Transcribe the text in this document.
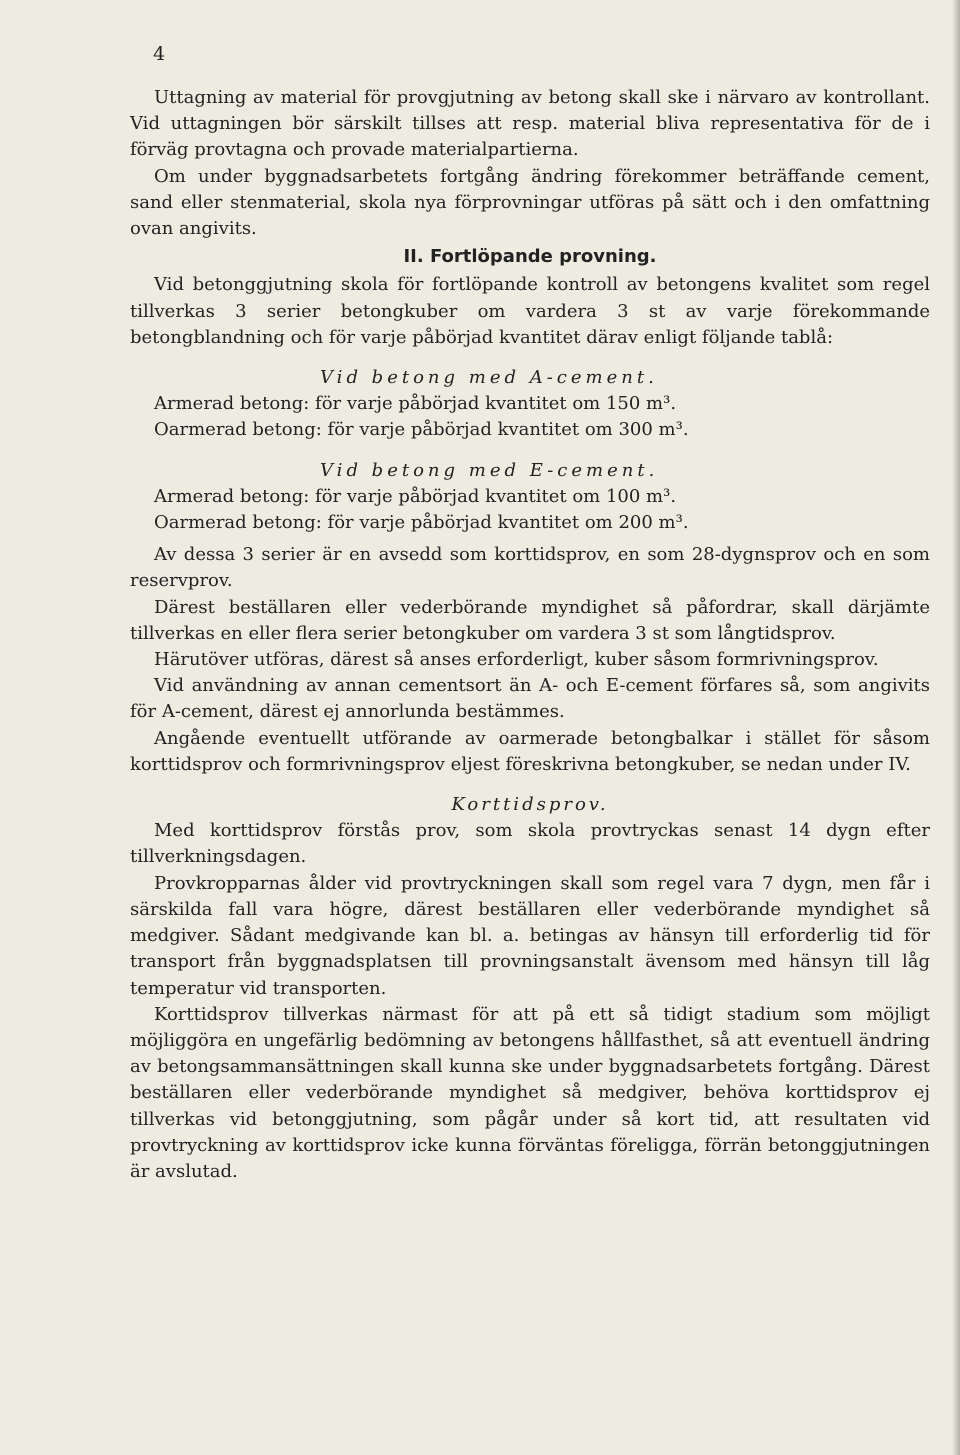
4

Uttagning av material för provgjutning av betong skall ske i närvaro av kontrollant. Vid uttagningen bör särskilt tillses att resp. material bliva representativa för de i förväg provtagna och provade materialpartierna.

Om under byggnadsarbetets fortgång ändring förekommer beträffande cement, sand eller stenmaterial, skola nya förprovningar utföras på sätt och i den omfattning ovan angivits.

II. Fortlöpande provning.

Vid betonggjutning skola för fortlöpande kontroll av betongens kvalitet som regel tillverkas 3 serier betongkuber om vardera 3 st av varje förekommande betongblandning och för varje påbörjad kvantitet därav enligt följande tablå:

Vid betong med A-cement.

Armerad betong: för varje påbörjad kvantitet om 150 m³.

Oarmerad betong: för varje påbörjad kvantitet om 300 m³.

Vid betong med E-cement.

Armerad betong: för varje påbörjad kvantitet om 100 m³.

Oarmerad betong: för varje påbörjad kvantitet om 200 m³.

Av dessa 3 serier är en avsedd som korttidsprov, en som 28-dygnsprov och en som reservprov.

Därest beställaren eller vederbörande myndighet så påfordrar, skall därjämte tillverkas en eller flera serier betongkuber om vardera 3 st som långtidsprov.

Härutöver utföras, därest så anses erforderligt, kuber såsom formrivningsprov.

Vid användning av annan cementsort än A- och E-cement förfares så, som angivits för A-cement, därest ej annorlunda bestämmes.

Angående eventuellt utförande av oarmerade betongbalkar i stället för såsom korttidsprov och formrivningsprov eljest föreskrivna betongkuber, se nedan under IV.

Korttidsprov.

Med korttidsprov förstås prov, som skola provtryckas senast 14 dygn efter tillverkningsdagen.

Provkropparnas ålder vid provtryckningen skall som regel vara 7 dygn, men får i särskilda fall vara högre, därest beställaren eller vederbörande myndighet så medgiver. Sådant medgivande kan bl. a. betingas av hänsyn till erforderlig tid för transport från byggnadsplatsen till provningsanstalt ävensom med hänsyn till låg temperatur vid transporten.

Korttidsprov tillverkas närmast för att på ett så tidigt stadium som möjligt möjliggöra en ungefärlig bedömning av betongens hållfasthet, så att eventuell ändring av betongsammansättningen skall kunna ske under byggnadsarbetets fortgång. Därest beställaren eller vederbörande myndighet så medgiver, behöva korttidsprov ej tillverkas vid betonggjutning, som pågår under så kort tid, att resultaten vid provtryckning av korttidsprov icke kunna förväntas föreligga, förrän betonggjutningen är avslutad.
